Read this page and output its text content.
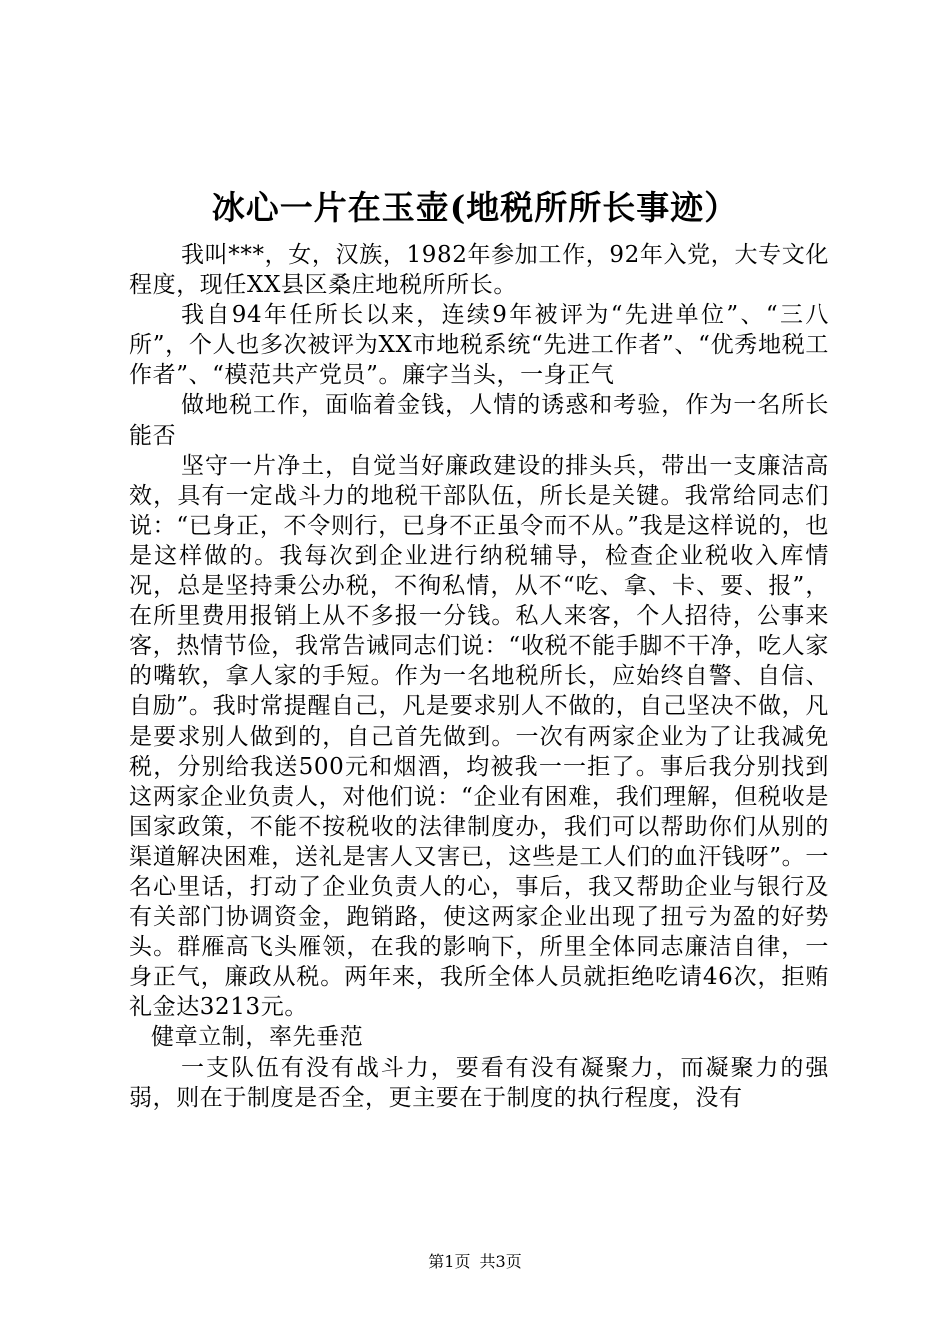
冰心一片在玉壶(地税所所长事迹）

我叫***，女，汉族，1982年参加工作，92年入党，大专文化程度，现任XX县区桑庄地税所所长。

我自94年任所长以来，连续9年被评为“先进单位”、“三八所”，个人也多次被评为XX市地税系统“先进工作者”、“优秀地税工作者”、“模范共产党员”。廉字当头，一身正气

做地税工作，面临着金钱，人情的诱惑和考验，作为一名所长能否

坚守一片净土，自觉当好廉政建设的排头兵，带出一支廉洁高效，具有一定战斗力的地税干部队伍，所长是关键。我常给同志们说：“已身正，不令则行，已身不正虽令而不从。”我是这样说的，也是这样做的。我每次到企业进行纳税辅导，检查企业税收入库情况，总是坚持秉公办税，不徇私情，从不“吃、拿、卡、要、报”，在所里费用报销上从不多报一分钱。私人来客，个人招待，公事来客，热情节俭，我常告诫同志们说：“收税不能手脚不干净，吃人家的嘴软，拿人家的手短。作为一名地税所长，应始终自警、自信、自励”。我时常提醒自己，凡是要求别人不做的，自己坚决不做，凡是要求别人做到的，自己首先做到。一次有两家企业为了让我减免税，分别给我送500元和烟酒，均被我一一拒了。事后我分别找到这两家企业负责人，对他们说：“企业有困难，我们理解，但税收是国家政策，不能不按税收的法律制度办，我们可以帮助你们从别的渠道解决困难，送礼是害人又害已，这些是工人们的血汗钱呀”。一名心里话，打动了企业负责人的心，事后，我又帮助企业与银行及有关部门协调资金，跑销路，使这两家企业出现了扭亏为盈的好势头。群雁高飞头雁领，在我的影响下，所里全体同志廉洁自律，一身正气，廉政从税。两年来，我所全体人员就拒绝吃请46次，拒贿礼金达3213元。

健章立制，率先垂范

一支队伍有没有战斗力，要看有没有凝聚力，而凝聚力的强弱，则在于制度是否全，更主要在于制度的执行程度，没有

第1页 共3页
